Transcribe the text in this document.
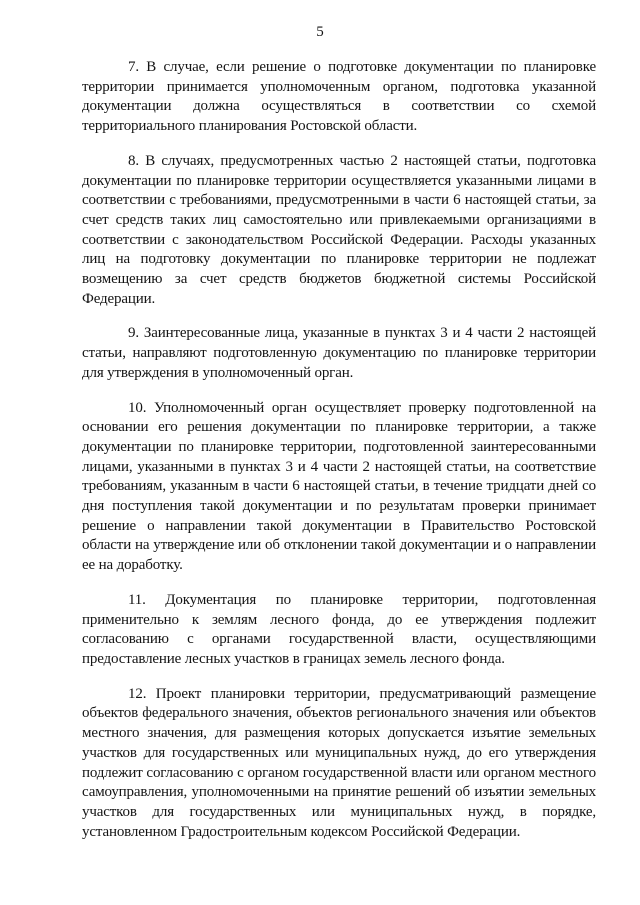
5

7. В случае, если решение о подготовке документации по планировке территории принимается уполномоченным органом, подготовка указанной документации должна осуществляться в соответствии со схемой территориального планирования Ростовской области.

8. В случаях, предусмотренных частью 2 настоящей статьи, подготовка документации по планировке территории осуществляется указанными лицами в соответствии с требованиями, предусмотренными в части 6 настоящей статьи, за счет средств таких лиц самостоятельно или привлекаемыми организациями в соответствии с законодательством Российской Федерации. Расходы указанных лиц на подготовку документации по планировке территории не подлежат возмещению за счет средств бюджетов бюджетной системы Российской Федерации.

9. Заинтересованные лица, указанные в пунктах 3 и 4 части 2 настоящей статьи, направляют подготовленную документацию по планировке территории для утверждения в уполномоченный орган.

10. Уполномоченный орган осуществляет проверку подготовленной на основании его решения документации по планировке территории, а также документации по планировке территории, подготовленной заинтересованными лицами, указанными в пунктах 3 и 4 части 2 настоящей статьи, на соответствие требованиям, указанным в части 6 настоящей статьи, в течение тридцати дней со дня поступления такой документации и по результатам проверки принимает решение о направлении такой документации в Правительство Ростовской области на утверждение или об отклонении такой документации и о направлении ее на доработку.

11. Документация по планировке территории, подготовленная применительно к землям лесного фонда, до ее утверждения подлежит согласованию с органами государственной власти, осуществляющими предоставление лесных участков в границах земель лесного фонда.

12. Проект планировки территории, предусматривающий размещение объектов федерального значения, объектов регионального значения или объектов местного значения, для размещения которых допускается изъятие земельных участков для государственных или муниципальных нужд, до его утверждения подлежит согласованию с органом государственной власти или органом местного самоуправления, уполномоченными на принятие решений об изъятии земельных участков для государственных или муниципальных нужд, в порядке, установленном Градостроительным кодексом Российской Федерации.
